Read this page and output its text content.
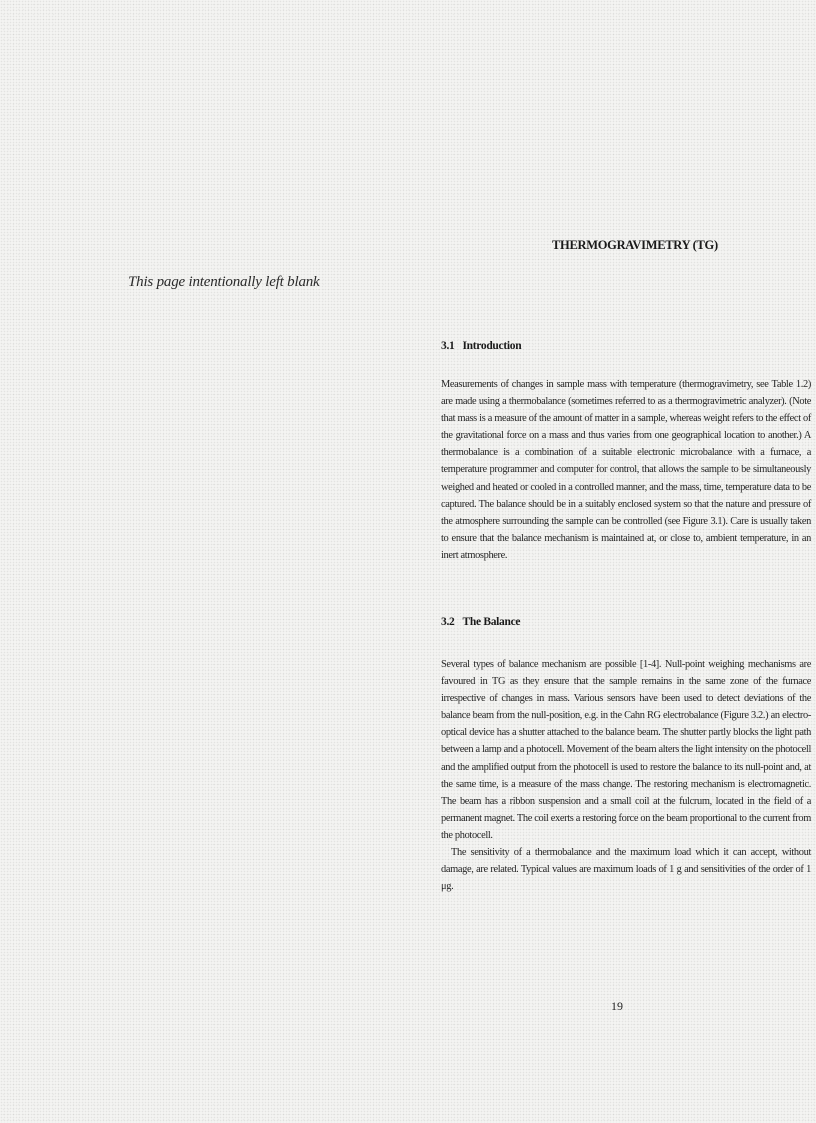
This page intentionally left blank
THERMOGRAVIMETRY (TG)
3.1 Introduction

Measurements of changes in sample mass with temperature (thermogravimetry, see Table 1.2) are made using a thermobalance (sometimes referred to as a thermogravimetric analyzer). (Note that mass is a measure of the amount of matter in a sample, whereas weight refers to the effect of the gravitational force on a mass and thus varies from one geographical location to another.) A thermobalance is a combination of a suitable electronic microbalance with a furnace, a temperature programmer and computer for control, that allows the sample to be simultaneously weighed and heated or cooled in a controlled manner, and the mass, time, temperature data to be captured. The balance should be in a suitably enclosed system so that the nature and pressure of the atmosphere surrounding the sample can be controlled (see Figure 3.1). Care is usually taken to ensure that the balance mechanism is maintained at, or close to, ambient temperature, in an inert atmosphere.

3.2 The Balance

Several types of balance mechanism are possible [1-4]. Null-point weighing mechanisms are favoured in TG as they ensure that the sample remains in the same zone of the furnace irrespective of changes in mass. Various sensors have been used to detect deviations of the balance beam from the null-position, e.g. in the Cahn RG electrobalance (Figure 3.2.) an electro-optical device has a shutter attached to the balance beam. The shutter partly blocks the light path between a lamp and a photocell. Movement of the beam alters the light intensity on the photocell and the amplified output from the photocell is used to restore the balance to its null-point and, at the same time, is a measure of the mass change. The restoring mechanism is electromagnetic. The beam has a ribbon suspension and a small coil at the fulcrum, located in the field of a permanent magnet. The coil exerts a restoring force on the beam proportional to the current from the photocell.

The sensitivity of a thermobalance and the maximum load which it can accept, without damage, are related. Typical values are maximum loads of 1 g and sensitivities of the order of 1 μg.

19
